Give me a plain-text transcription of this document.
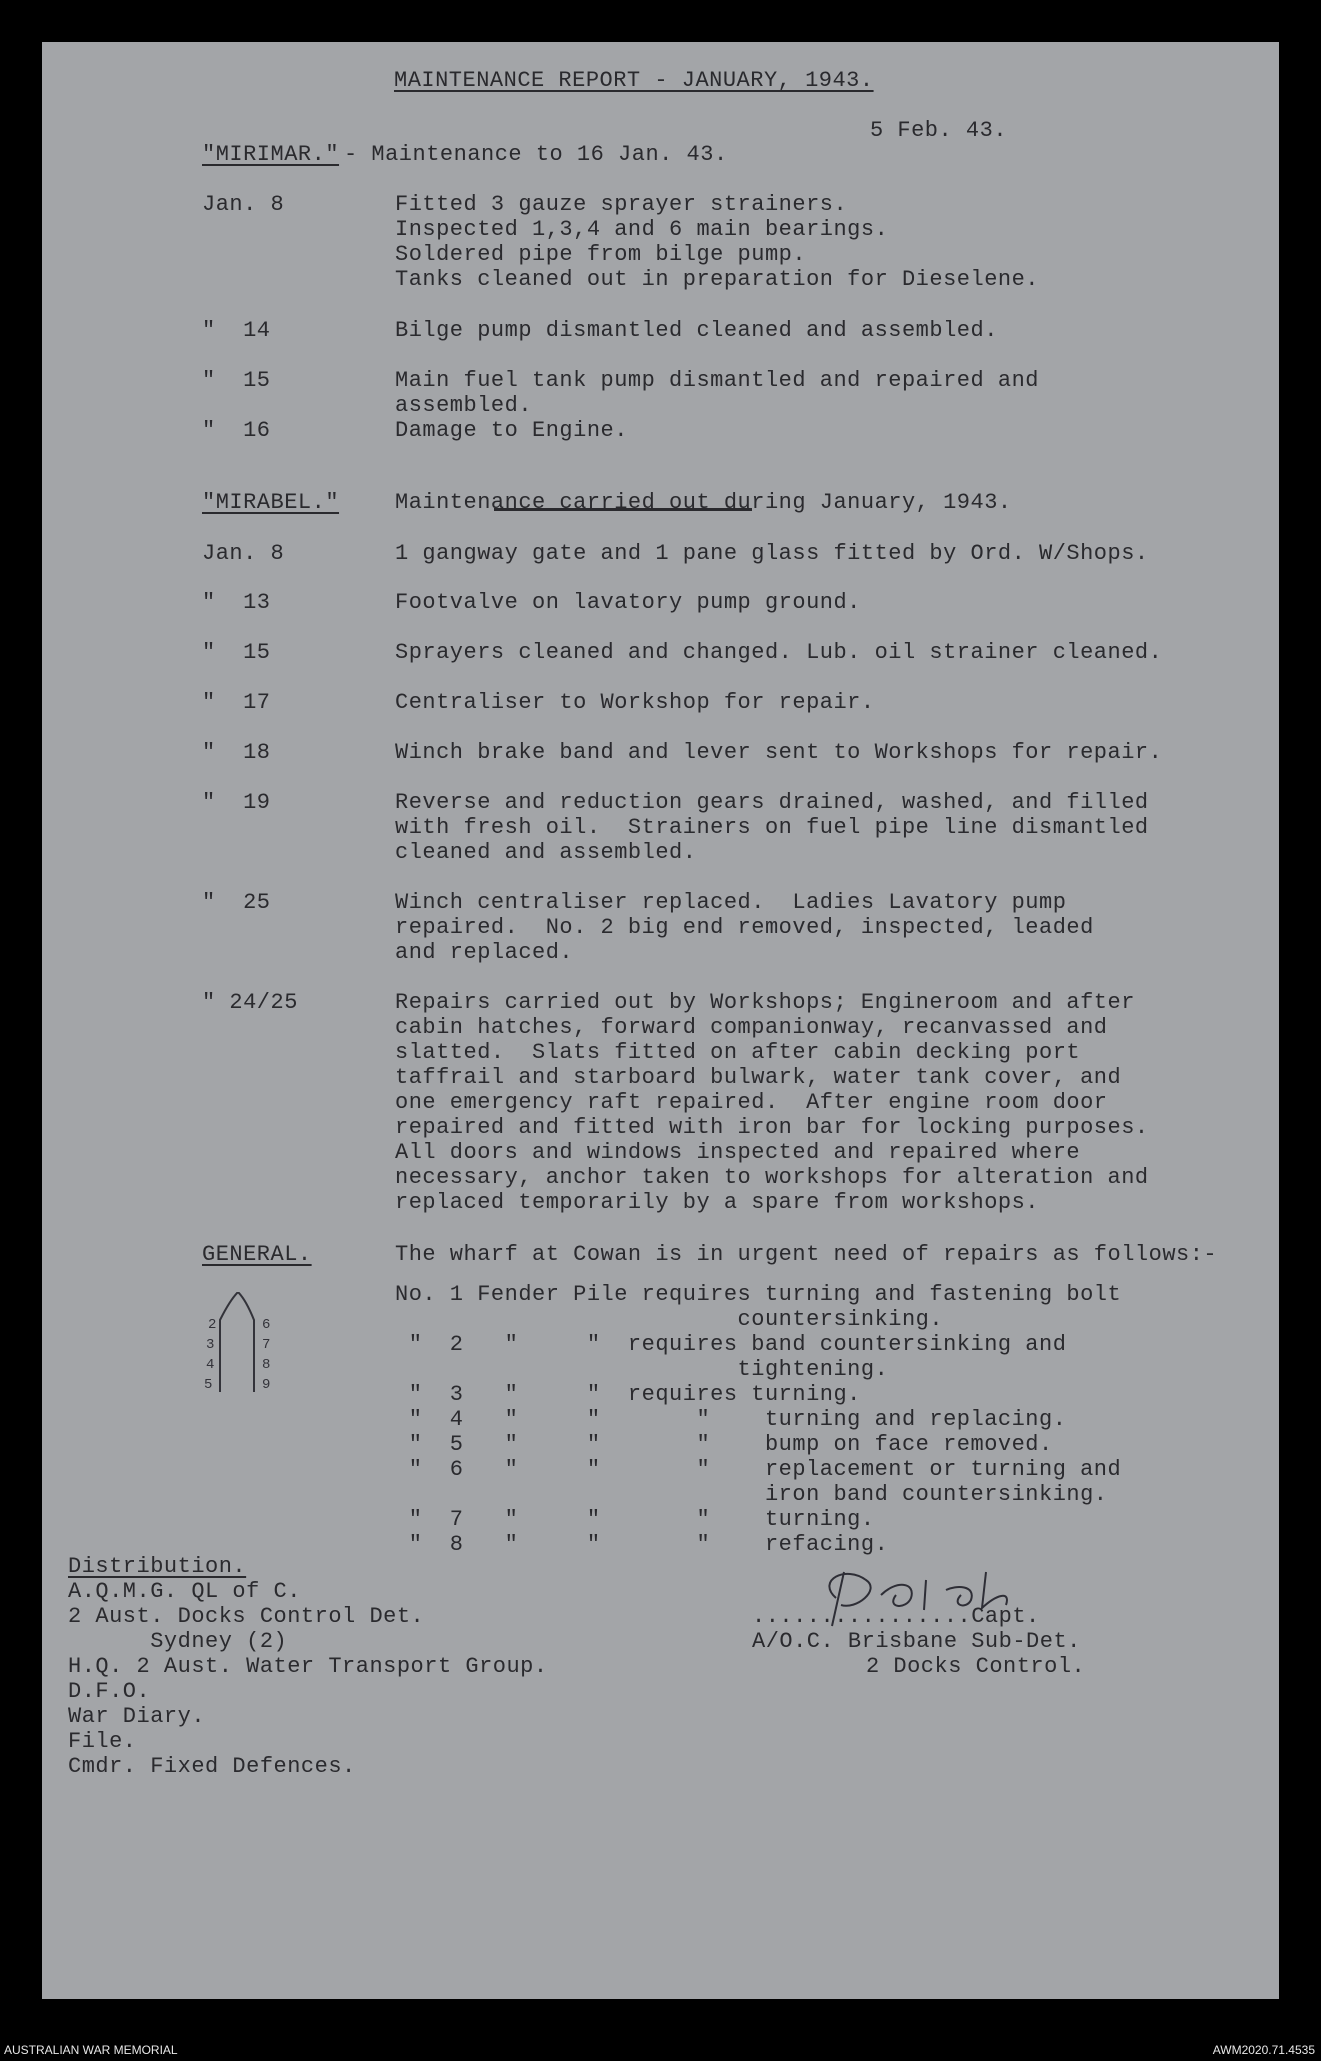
MAINTENANCE REPORT - JANUARY, 1943.
5 Feb. 43.
"MIRIMAR." - Maintenance to 16 Jan. 43.
Jan. 8	Fitted 3 gauze sprayer strainers.
Inspected 1,3,4 and 6 main bearings.
Soldered pipe from bilge pump.
Tanks cleaned out in preparation for Dieselene.
"  14	Bilge pump dismantled cleaned and assembled.
"  15	Main fuel tank pump dismantled and repaired and
assembled.
"  16	Damage to Engine.
"MIRABEL."	Maintenance carried out during January, 1943.
Jan. 8	1 gangway gate and 1 pane glass fitted by Ord. W/Shops.
"  13	Footvalve on lavatory pump ground.
"  15	Sprayers cleaned and changed. Lub. oil strainer cleaned.
"  17	Centraliser to Workshop for repair.
"  18	Winch brake band and lever sent to Workshops for repair.
"  19	Reverse and reduction gears drained, washed, and filled
with fresh oil.  Strainers on fuel pipe line dismantled
cleaned and assembled.
"  25	Winch centraliser replaced.  Ladies Lavatory pump
repaired.  No. 2 big end removed, inspected, leaded
and replaced.
" 24/25	Repairs carried out by Workshops; Engineroom and after
cabin hatches, forward companionway, recanvassed and
slatted.  Slats fitted on after cabin decking port
taffrail and starboard bulwark, water tank cover, and
one emergency raft repaired.  After engine room door
repaired and fitted with iron bar for locking purposes.
All doors and windows inspected and repaired where
necessary, anchor taken to workshops for alteration and
replaced temporarily by a spare from workshops.
GENERAL.	The wharf at Cowan is in urgent need of repairs as follows:-
No. 1 Fender Pile requires turning and fastening bolt
countersinking.
"  2   "     "  requires band countersinking and
tightening.
"  3   "     "  requires turning.
"  4   "     "       "    turning and replacing.
"  5   "     "       "    bump on face removed.
"  6   "     "       "    replacement or turning and
iron band countersinking.
"  7   "     "       "    turning.
"  8   "     "       "    refacing.
2
3
4
5
6
7
8
9
Distribution.
A.Q.M.G. QL of C.
2 Aust. Docks Control Det.
Sydney (2)
H.Q. 2 Aust. Water Transport Group.
D.F.O.
War Diary.
File.
Cmdr. Fixed Defences.
................Capt.
A/O.C. Brisbane Sub-Det.
2 Docks Control.
AUSTRALIAN WAR MEMORIAL	AWM2020.71.4535
